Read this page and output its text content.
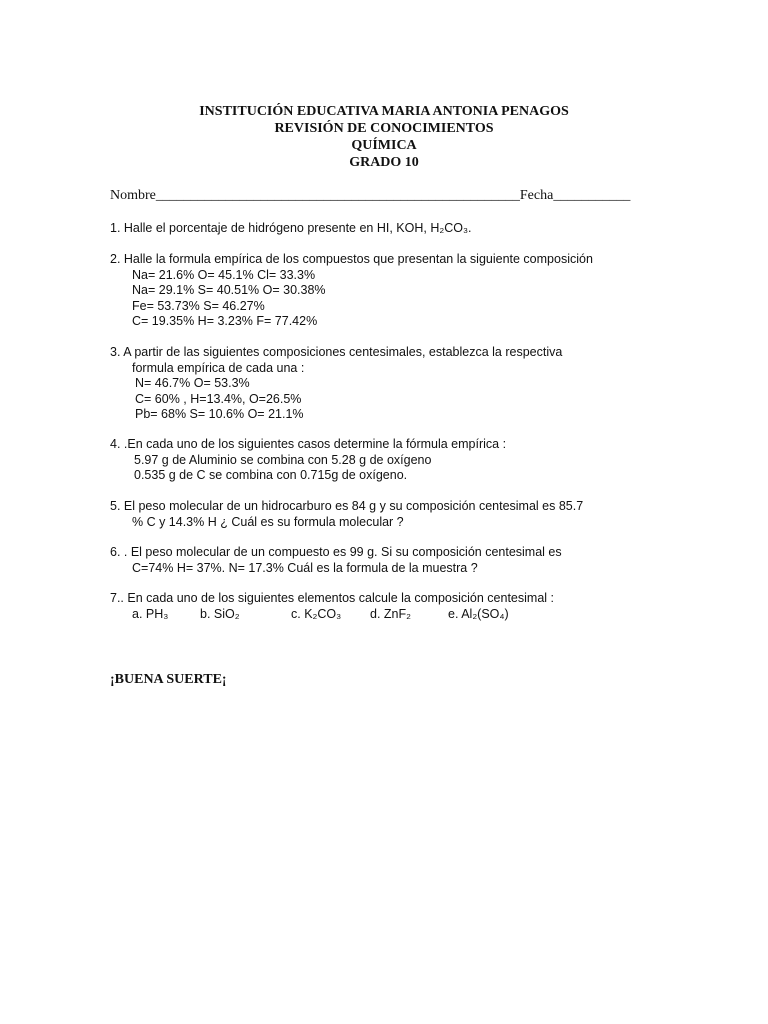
INSTITUCIÓN EDUCATIVA MARIA ANTONIA PENAGOS
REVISIÓN DE CONOCIMIENTOS
QUÍMICA
GRADO 10
Nombre____________________________________________________Fecha___________
1. Halle el porcentaje de hidrógeno presente en HI, KOH, H₂CO₃.
2. Halle la formula empírica de los compuestos que presentan la siguiente composición
Na= 21.6% O= 45.1% Cl= 33.3%
Na= 29.1% S= 40.51% O= 30.38%
Fe= 53.73% S= 46.27%
C= 19.35% H= 3.23% F= 77.42%
3. A partir de las siguientes composiciones centesimales, establezca la respectiva
formula empírica de cada una :
N= 46.7% O= 53.3%
C= 60% , H=13.4%, O=26.5%
Pb= 68% S= 10.6% O= 21.1%
4. .En cada uno de los siguientes casos determine la fórmula empírica :
5.97 g de Aluminio se combina con 5.28 g de oxígeno
0.535 g de C se combina con 0.715g de oxígeno.
5. El peso molecular de un hidrocarburo es 84 g y su composición centesimal es 85.7
% C y 14.3% H ¿ Cuál es su formula molecular ?
6. . El peso molecular de un compuesto es 99 g. Si su composición centesimal es
C=74% H= 37%. N= 17.3% Cuál es la formula de la muestra ?
7.. En cada uno de los siguientes elementos calcule la composición centesimal :
a. PH₃	b. SiO₂	c. K₂CO₃ d. ZnF₂	e. Al₂(SO₄)
¡BUENA SUERTE¡
